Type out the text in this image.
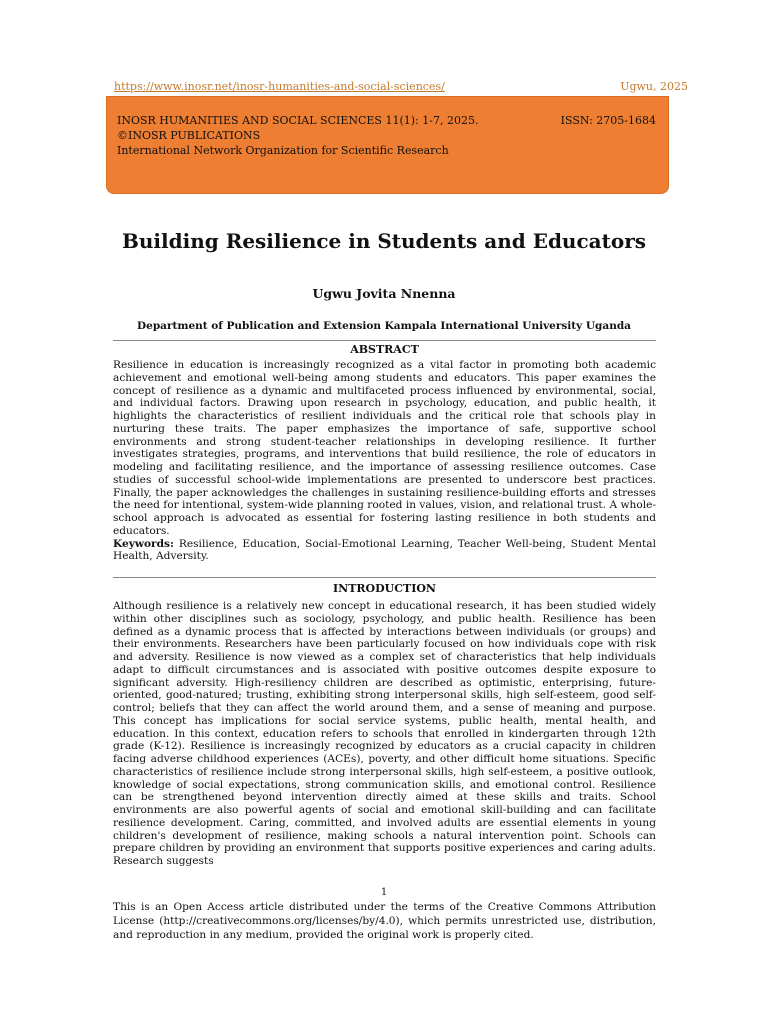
https://www.inosr.net/inosr-humanities-and-social-sciences/	Ugwu, 2025
INOSR HUMANITIES AND SOCIAL SCIENCES 11(1): 1-7, 2025.	ISSN: 2705-1684
©INOSR PUBLICATIONS
International Network Organization for Scientific Research
Building Resilience in Students and Educators
Ugwu Jovita Nnenna
Department of Publication and Extension Kampala International University Uganda
ABSTRACT

Resilience in education is increasingly recognized as a vital factor in promoting both academic achievement and emotional well-being among students and educators. This paper examines the concept of resilience as a dynamic and multifaceted process influenced by environmental, social, and individual factors. Drawing upon research in psychology, education, and public health, it highlights the characteristics of resilient individuals and the critical role that schools play in nurturing these traits. The paper emphasizes the importance of safe, supportive school environments and strong student-teacher relationships in developing resilience. It further investigates strategies, programs, and interventions that build resilience, the role of educators in modeling and facilitating resilience, and the importance of assessing resilience outcomes. Case studies of successful school-wide implementations are presented to underscore best practices. Finally, the paper acknowledges the challenges in sustaining resilience-building efforts and stresses the need for intentional, system-wide planning rooted in values, vision, and relational trust. A whole-school approach is advocated as essential for fostering lasting resilience in both students and educators.

Keywords: Resilience, Education, Social-Emotional Learning, Teacher Well-being, Student Mental Health, Adversity.

INTRODUCTION

Although resilience is a relatively new concept in educational research, it has been studied widely within other disciplines such as sociology, psychology, and public health. Resilience has been defined as a dynamic process that is affected by interactions between individuals (or groups) and their environments. Researchers have been particularly focused on how individuals cope with risk and adversity. Resilience is now viewed as a complex set of characteristics that help individuals adapt to difficult circumstances and is associated with positive outcomes despite exposure to significant adversity. High-resiliency children are described as optimistic, enterprising, future-oriented, good-natured; trusting, exhibiting strong interpersonal skills, high self-esteem, good self-control; beliefs that they can affect the world around them, and a sense of meaning and purpose. This concept has implications for social service systems, public health, mental health, and education. In this context, education refers to schools that enrolled in kindergarten through 12th grade (K-12). Resilience is increasingly recognized by educators as a crucial capacity in children facing adverse childhood experiences (ACEs), poverty, and other difficult home situations. Specific characteristics of resilience include strong interpersonal skills, high self-esteem, a positive outlook, knowledge of social expectations, strong communication skills, and emotional control. Resilience can be strengthened beyond intervention directly aimed at these skills and traits. School environments are also powerful agents of social and emotional skill-building and can facilitate resilience development. Caring, committed, and involved adults are essential elements in young children's development of resilience, making schools a natural intervention point. Schools can prepare children by providing an environment that supports positive experiences and caring adults. Research suggests

1
This is an Open Access article distributed under the terms of the Creative Commons Attribution License (http://creativecommons.org/licenses/by/4.0), which permits unrestricted use, distribution, and reproduction in any medium, provided the original work is properly cited.
